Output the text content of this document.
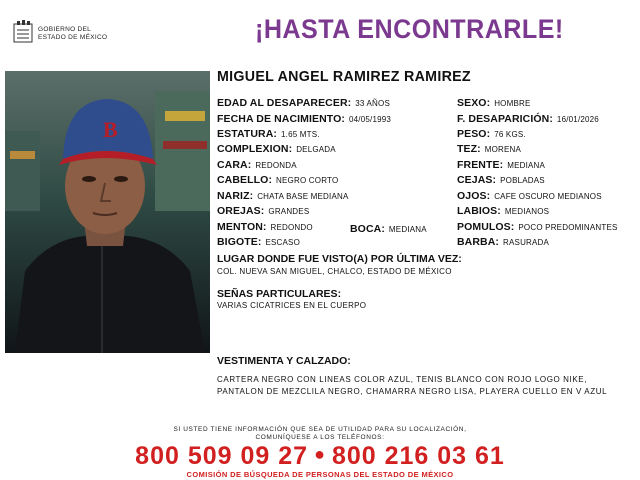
GOBIERNO DEL
ESTADO DE MÉXICO	¡HASTA ENCONTRARLE!
B
MIGUEL ANGEL RAMIREZ RAMIREZ
EDAD AL DESAPARECER: 33 AÑOS
FECHA DE NACIMIENTO: 04/05/1993
ESTATURA: 1.65 MTS.
COMPLEXION: DELGADA
CARA: REDONDA
CABELLO: NEGRO CORTO
NARIZ: CHATA BASE MEDIANA
OREJAS: GRANDES
MENTON: REDONDO	BOCA: MEDIANA
BIGOTE: ESCASO
SEXO: HOMBRE
F. DESAPARICIÓN: 16/01/2026
PESO: 76 KGS.
TEZ: MORENA
FRENTE: MEDIANA
CEJAS: POBLADAS
OJOS: CAFE OSCURO MEDIANOS
LABIOS: MEDIANOS
POMULOS: POCO PREDOMINANTES
BARBA: RASURADA
LUGAR DONDE FUE VISTO(A) POR ÚLTIMA VEZ:
COL. NUEVA SAN MIGUEL, CHALCO, ESTADO DE MÉXICO
SEÑAS PARTICULARES:
VARIAS CICATRICES EN EL CUERPO
VESTIMENTA Y CALZADO:
CARTERA NEGRO CON LINEAS COLOR AZUL, TENIS BLANCO CON ROJO LOGO NIKE, PANTALON DE MEZCLILA NEGRO, CHAMARRA NEGRO LISA, PLAYERA CUELLO EN V AZUL
SI USTED TIENE INFORMACIÓN QUE SEA DE UTILIDAD PARA SU LOCALIZACIÓN,
COMUNÍQUESE A LOS TELÉFONOS:
800 509 09 27 ● 800 216 03 61
COMISIÓN DE BÚSQUEDA DE PERSONAS DEL ESTADO DE MÉXICO
